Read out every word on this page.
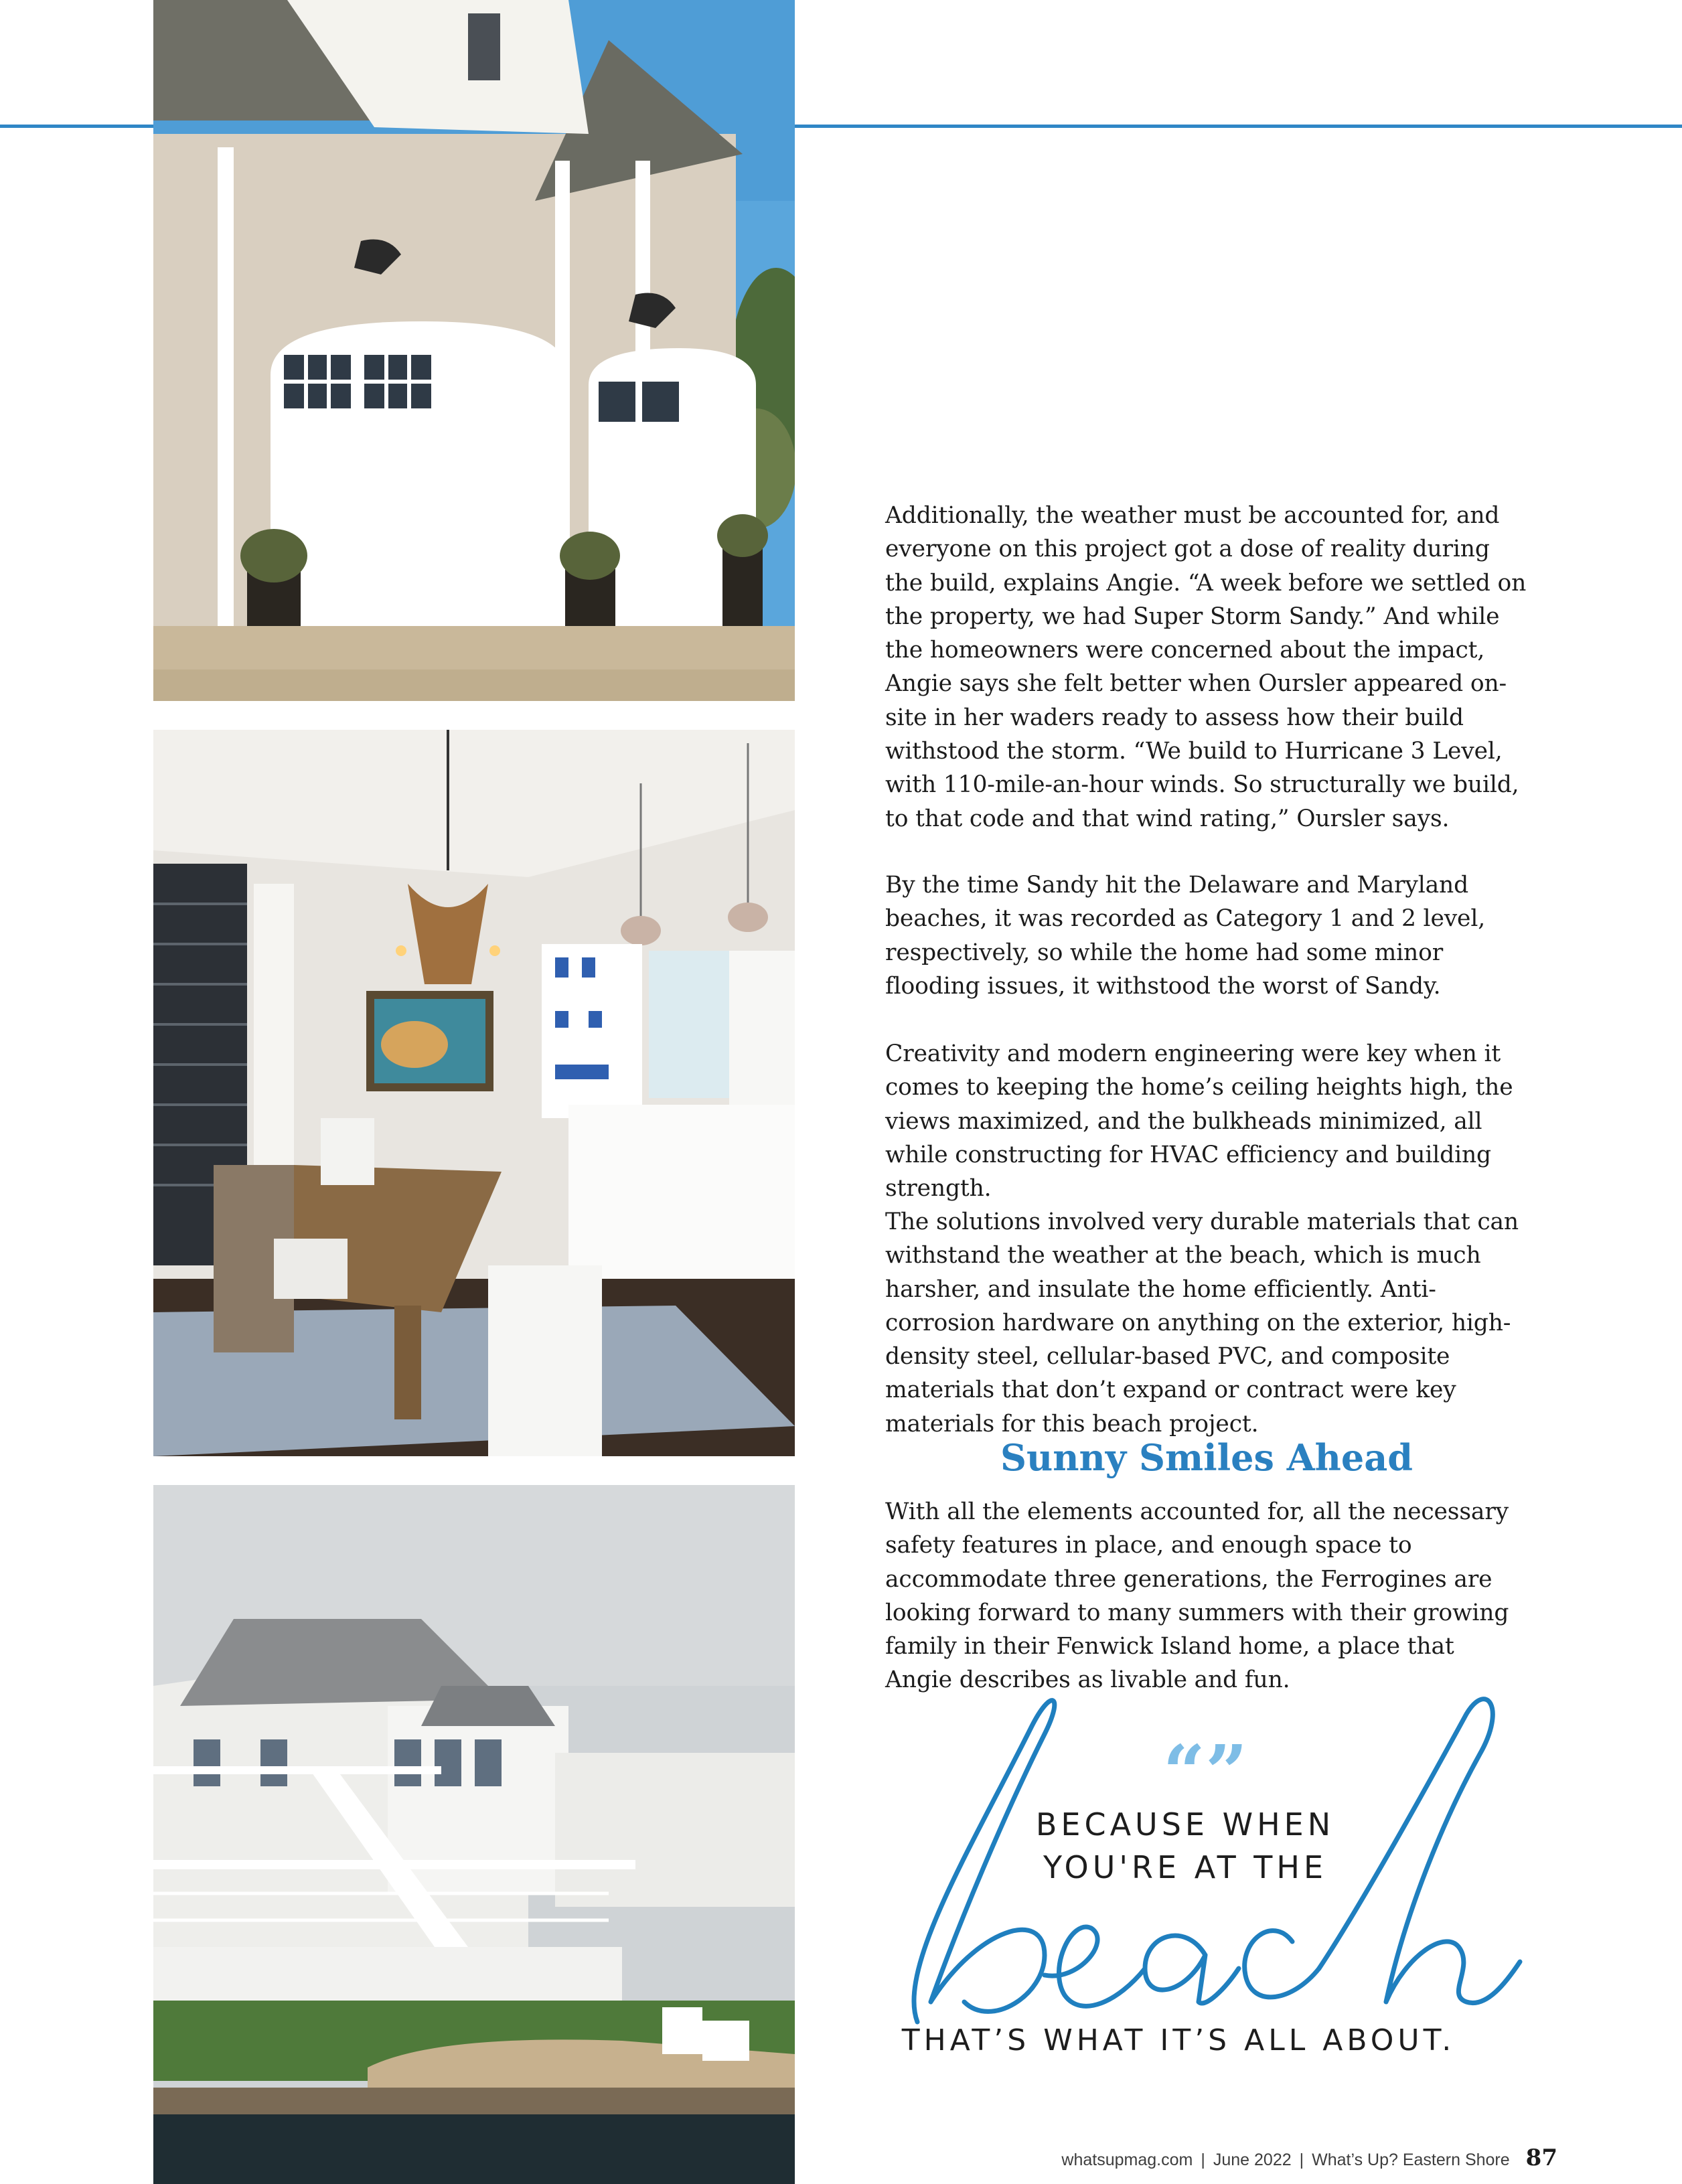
Additionally, the weather must be accounted for, and everyone on this project got a dose of reality during the build, explains Angie. “A week before we settled on the property, we had Super Storm Sandy.” And while the homeowners were concerned about the impact, Angie says she felt better when Oursler appeared on-site in her waders ready to assess how their build withstood the storm. “We build to Hurricane 3 Level, with 110-mile-an-hour winds. So structurally we build, to that code and that wind rating,” Oursler says.

By the time Sandy hit the Delaware and Maryland beaches, it was recorded as Category 1 and 2 level, respectively, so while the home had some minor flooding issues, it withstood the worst of Sandy.

Creativity and modern engineering were key when it comes to keeping the home’s ceiling heights high, the views maximized, and the bulkheads minimized, all while constructing for HVAC efficiency and building strength.

The solutions involved very durable materials that can withstand the weather at the beach, which is much harsher, and insulate the home efficiently. Anti-corrosion hardware on anything on the exterior, high-density steel, cellular-based PVC, and composite materials that don’t expand or contract were key materials for this beach project.

Sunny Smiles Ahead

With all the elements accounted for, all the necessary safety features in place, and enough space to accommodate three generations, the Ferrogines are looking forward to many summers with their growing family in their Fenwick Island home, a place that Angie describes as livable and fun.

“”
BECAUSE WHEN
YOU'RE AT THE
THAT’S WHAT IT’S ALL ABOUT.
whatsupmag.com | June 2022 | What’s Up? Eastern Shore 87
